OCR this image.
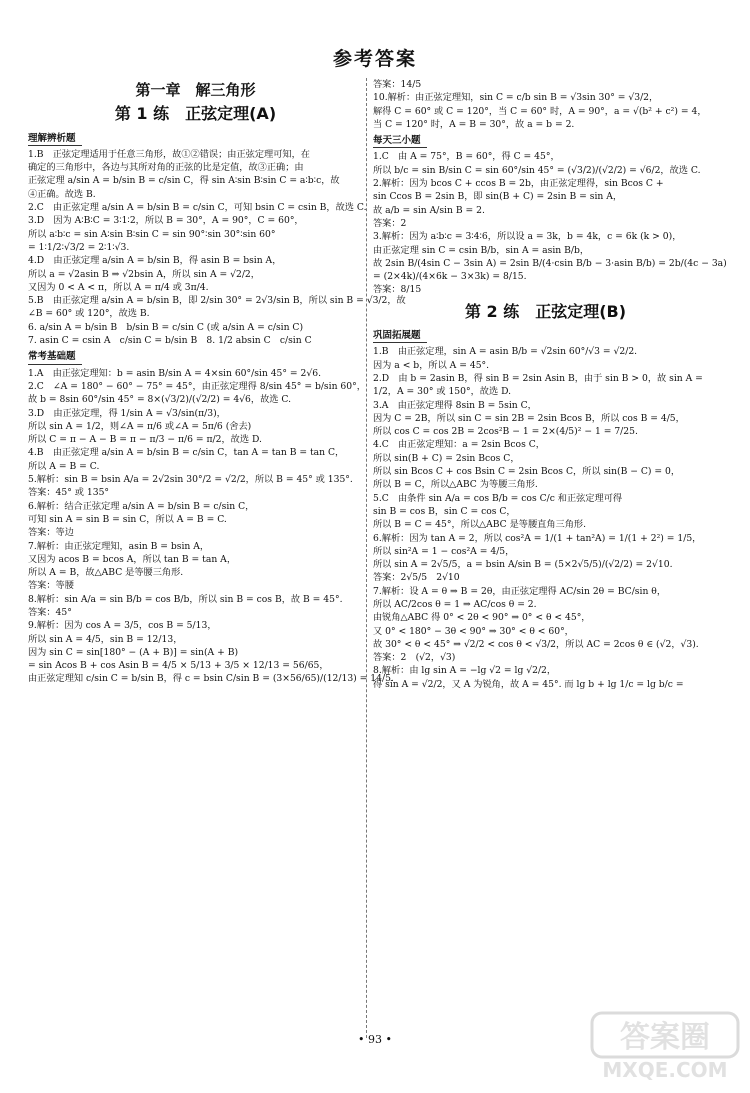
参考答案
第一章　解三角形
第 1 练　正弦定理(A)
理解辨析题
1.B　正弦定理适用于任意三角形，故①②错误；由正弦定理可知，在
确定的三角形中，各边与其所对角的正弦的比是定值，故③正确；由
正弦定理 a/sin A = b/sin B = c/sin C，得 sin A∶sin B∶sin C = a∶b∶c，故
④正确。故选 B.
2.C　由正弦定理 a/sin A = b/sin B = c/sin C，可知 bsin C = csin B，故选 C.
3.D　因为 A∶B∶C = 3∶1∶2，所以 B = 30°，A = 90°，C = 60°，
所以 a∶b∶c = sin A∶sin B∶sin C = sin 90°∶sin 30°∶sin 60°
= 1∶1/2∶√3/2 = 2∶1∶√3.
4.D　由正弦定理 a/sin A = b/sin B，得 asin B = bsin A，
所以 a = √2asin B ⇒ √2bsin A，所以 sin A = √2/2，
又因为 0 < A < π，所以 A = π/4 或 3π/4.
5.B　由正弦定理 a/sin A = b/sin B，即 2/sin 30° = 2√3/sin B，所以 sin B = √3/2，故
∠B = 60° 或 120°，故选 B.
6. a/sin A = b/sin B　b/sin B = c/sin C (或 a/sin A = c/sin C)
7. asin C = csin A　c/sin C = b/sin B　8. 1/2 absin C　c/sin C
常考基础题
1.A　由正弦定理知：b = asin B/sin A = 4×sin 60°/sin 45° = 2√6.
2.C　∠A = 180° − 60° − 75° = 45°，由正弦定理得 8/sin 45° = b/sin 60°，
故 b = 8sin 60°/sin 45° = 8×(√3/2)/(√2/2) = 4√6，故选 C.
3.D　由正弦定理，得 1/sin A = √3/sin(π/3)，
所以 sin A = 1/2，则∠A = π/6 或∠A = 5π/6 (舍去)
所以 C = π − A − B = π − π/3 − π/6 = π/2，故选 D.
4.B　由正弦定理 a/sin A = b/sin B = c/sin C，tan A = tan B = tan C，
所以 A = B = C.
5.解析：sin B = bsin A/a = 2√2sin 30°/2 = √2/2，所以 B = 45° 或 135°.
答案：45° 或 135°
6.解析：结合正弦定理 a/sin A = b/sin B = c/sin C，
可知 sin A = sin B = sin C，所以 A = B = C.
答案：等边
7.解析：由正弦定理知，asin B = bsin A，
又因为 acos B = bcos A，所以 tan B = tan A，
所以 A = B，故△ABC 是等腰三角形.
答案：等腰
8.解析：sin A/a = sin B/b = cos B/b，所以 sin B = cos B，故 B = 45°.
答案：45°
9.解析：因为 cos A = 3/5，cos B = 5/13，
所以 sin A = 4/5，sin B = 12/13，
因为 sin C = sin[180° − (A + B)] = sin(A + B)
= sin Acos B + cos Asin B = 4/5 × 5/13 + 3/5 × 12/13 = 56/65，
由正弦定理知 c/sin C = b/sin B，得 c = bsin C/sin B = (3×56/65)/(12/13) = 14/5.
答案：14/5
10.解析：由正弦定理知，sin C = c/b sin B = √3sin 30° = √3/2，
解得 C = 60° 或 C = 120°，当 C = 60° 时，A = 90°，a = √(b² + c²) = 4，
当 C = 120° 时，A = B = 30°，故 a = b = 2.
每天三小题
1.C　由 A = 75°，B = 60°，得 C = 45°，
所以 b/c = sin B/sin C = sin 60°/sin 45° = (√3/2)/(√2/2) = √6/2，故选 C.
2.解析：因为 bcos C + ccos B = 2b，由正弦定理得，sin Bcos C +
sin Ccos B = 2sin B，即 sin(B + C) = 2sin B = sin A，
故 a/b = sin A/sin B = 2.
答案：2
3.解析：因为 a∶b∶c = 3∶4∶6，所以设 a = 3k，b = 4k，c = 6k (k > 0)，
由正弦定理 sin C = csin B/b，sin A = asin B/b，
故 2sin B/(4sin C − 3sin A) = 2sin B/(4·csin B/b − 3·asin B/b) = 2b/(4c − 3a)
= (2×4k)/(4×6k − 3×3k) = 8/15.
答案：8/15
第 2 练　正弦定理(B)
巩固拓展题
1.B　由正弦定理，sin A = asin B/b = √2sin 60°/√3 = √2/2.
因为 a < b，所以 A = 45°.
2.D　由 b = 2asin B，得 sin B = 2sin Asin B，由于 sin B > 0，故 sin A =
1/2，A = 30° 或 150°，故选 D.
3.A　由正弦定理得 8sin B = 5sin C，
因为 C = 2B，所以 sin C = sin 2B = 2sin Bcos B，所以 cos B = 4/5，
所以 cos C = cos 2B = 2cos²B − 1 = 2×(4/5)² − 1 = 7/25.
4.C　由正弦定理知：a = 2sin Bcos C，
所以 sin(B + C) = 2sin Bcos C，
所以 sin Bcos C + cos Bsin C = 2sin Bcos C，所以 sin(B − C) = 0，
所以 B = C，所以△ABC 为等腰三角形.
5.C　由条件 sin A/a = cos B/b = cos C/c 和正弦定理可得
sin B = cos B，sin C = cos C，
所以 B = C = 45°，所以△ABC 是等腰直角三角形.
6.解析：因为 tan A = 2，所以 cos²A = 1/(1 + tan²A) = 1/(1 + 2²) = 1/5，
所以 sin²A = 1 − cos²A = 4/5，
所以 sin A = 2√5/5，a = bsin A/sin B = (5×2√5/5)/(√2/2) = 2√10.
答案：2√5/5　2√10
7.解析：设 A = θ ⇒ B = 2θ，由正弦定理得 AC/sin 2θ = BC/sin θ，
所以 AC/2cos θ = 1 ⇒ AC/cos θ = 2.
由锐角△ABC 得 0° < 2θ < 90° ⇒ 0° < θ < 45°，
又 0° < 180° − 3θ < 90° ⇒ 30° < θ < 60°，
故 30° < θ < 45° ⇒ √2/2 < cos θ < √3/2，所以 AC = 2cos θ ∈ (√2，√3).
答案：2　(√2，√3)
8.解析：由 lg sin A = −lg √2 = lg √2/2，
得 sin A = √2/2，又 A 为锐角，故 A = 45°. 而 lg b + lg 1/c = lg b/c =
• 93 •	答案圈
MXQE.COM
